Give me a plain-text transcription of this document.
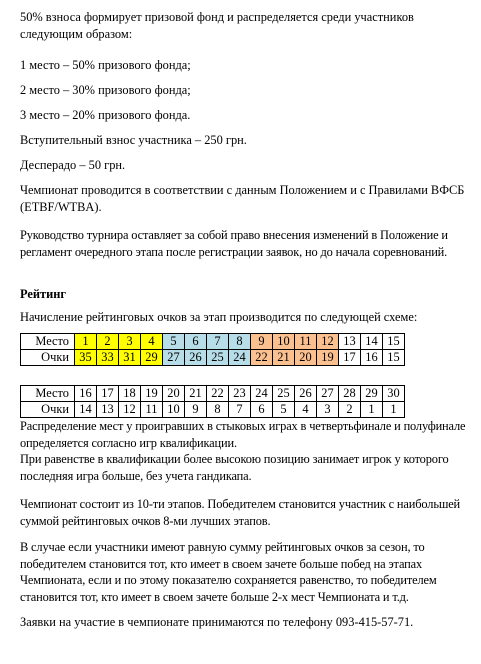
50% взноса формирует призовой фонд и распределяется среди участников следующим образом:

1 место – 50% призового фонда;

2 место – 30% призового фонда;

3 место – 20% призового фонда.

Вступительный взнос участника – 250 грн.

Десперадо – 50 грн.

Чемпионат проводится в соответствии с данным Положением и с Правилами ВФСБ (ETBF/WTBA).

Руководство турнира оставляет за собой право внесения изменений в Положение и регламент очередного этапа после регистрации заявок, но до начала соревнований.

Рейтинг

Начисление рейтинговых очков за этап производится по следующей схеме:

Место	1	2	3	4	5	6	7	8	9	10	11	12	13	14	15
Очки	35	33	31	29	27	26	25	24	22	21	20	19	17	16	15
Место	16	17	18	19	20	21	22	23	24	25	26	27	28	29	30
Очки	14	13	12	11	10	9	8	7	6	5	4	3	2	1	1

Распределение мест у проигравших в стыковых играх в четвертьфинале и полуфинале определяется согласно игр квалификации.

При равенстве в квалификации более высокою позицию занимает игрок у которого последняя игра больше, без учета гандикапа.

Чемпионат состоит из 10-ти этапов. Победителем становится участник с наибольшей суммой рейтинговых очков 8-ми лучших этапов.

В случае если участники имеют равную сумму рейтинговых очков за сезон, то победителем становится тот, кто имеет в своем зачете больше побед на этапах Чемпионата, если и по этому показателю сохраняется равенство, то победителем становится тот, кто имеет в своем зачете больше 2-х мест Чемпионата и т.д.

Заявки на участие в чемпионате принимаются по телефону 093-415-57-71.
